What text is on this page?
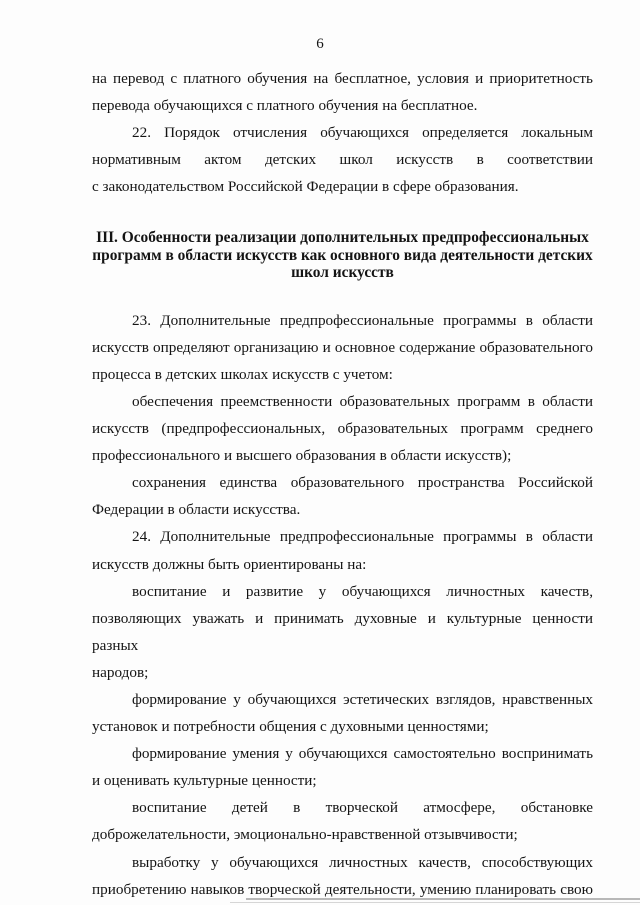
6
на перевод с платного обучения на бесплатное, условия и приоритетность
перевода обучающихся с платного обучения на бесплатное.
22. Порядок отчисления обучающихся определяется локальным
нормативным актом детских школ искусств в соответствии
с законодательством Российской Федерации в сфере образования.
III. Особенности реализации дополнительных предпрофессиональных
программ в области искусств как основного вида деятельности детских
школ искусств
23. Дополнительные предпрофессиональные программы в области
искусств определяют организацию и основное содержание образовательного
процесса в детских школах искусств с учетом:
обеспечения преемственности образовательных программ в области
искусств (предпрофессиональных, образовательных программ среднего
профессионального и высшего образования в области искусств);
сохранения единства образовательного пространства Российской
Федерации в области искусства.
24. Дополнительные предпрофессиональные программы в области
искусств должны быть ориентированы на:
воспитание и развитие у обучающихся личностных качеств,
позволяющих уважать и принимать духовные и культурные ценности разных
народов;
формирование у обучающихся эстетических взглядов, нравственных
установок и потребности общения с духовными ценностями;
формирование умения у обучающихся самостоятельно воспринимать
и оценивать культурные ценности;
воспитание детей в творческой атмосфере, обстановке
доброжелательности, эмоционально-нравственной отзывчивости;
выработку у обучающихся личностных качеств, способствующих
приобретению навыков творческой деятельности, умению планировать свою
